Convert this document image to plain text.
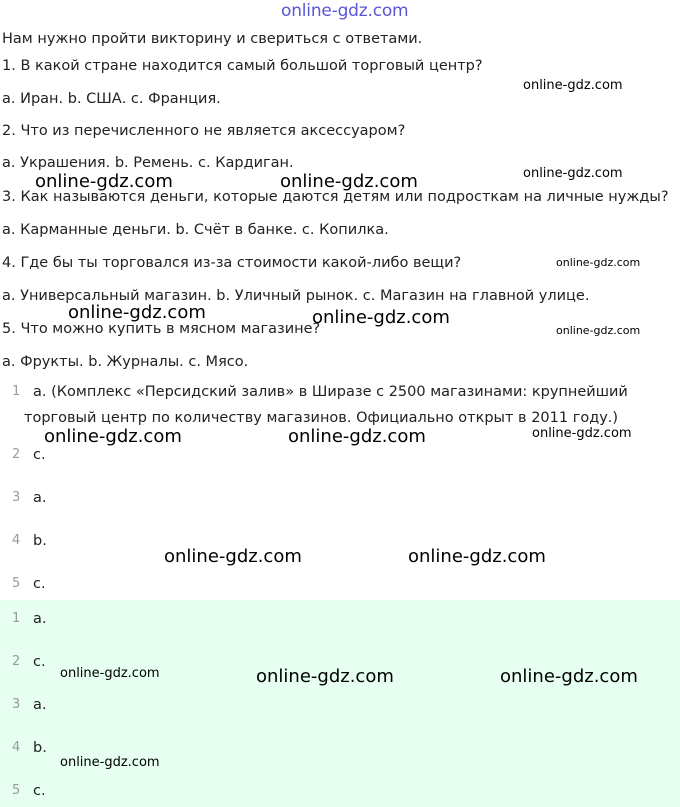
online-gdz.com
Нам нужно пройти викторину и свериться с ответами.
1. В какой стране находится самый большой торговый центр?
a. Иран. b. США. c. Франция.
2. Что из перечисленного не является аксессуаром?
a. Украшения. b. Ремень. c. Кардиган.
3. Как называются деньги, которые даются детям или подросткам на личные нужды?
a. Карманные деньги. b. Счёт в банке. c. Копилка.
4. Где бы ты торговался из-за стоимости какой-либо вещи?
a. Универсальный магазин. b. Уличный рынок. c. Магазин на главной улице.
5. Что можно купить в мясном магазине?
a. Фрукты. b. Журналы. c. Мясо.
1 a. (Комплекс «Персидский залив» в Ширазе с 2500 магазинами: крупнейший
торговый центр по количеству магазинов. Официально открыт в 2011 году.)
2 c.
3 a.
4 b.
5 c.
1 a.
2 c.
3 a.
4 b.
5 c.
online-gdz.com
online-gdz.com
online-gdz.com	online-gdz.com
online-gdz.com
online-gdz.com	online-gdz.com
online-gdz.com
online-gdz.com	online-gdz.com	online-gdz.com
online-gdz.com	online-gdz.com
online-gdz.com	online-gdz.com	online-gdz.com
online-gdz.com
